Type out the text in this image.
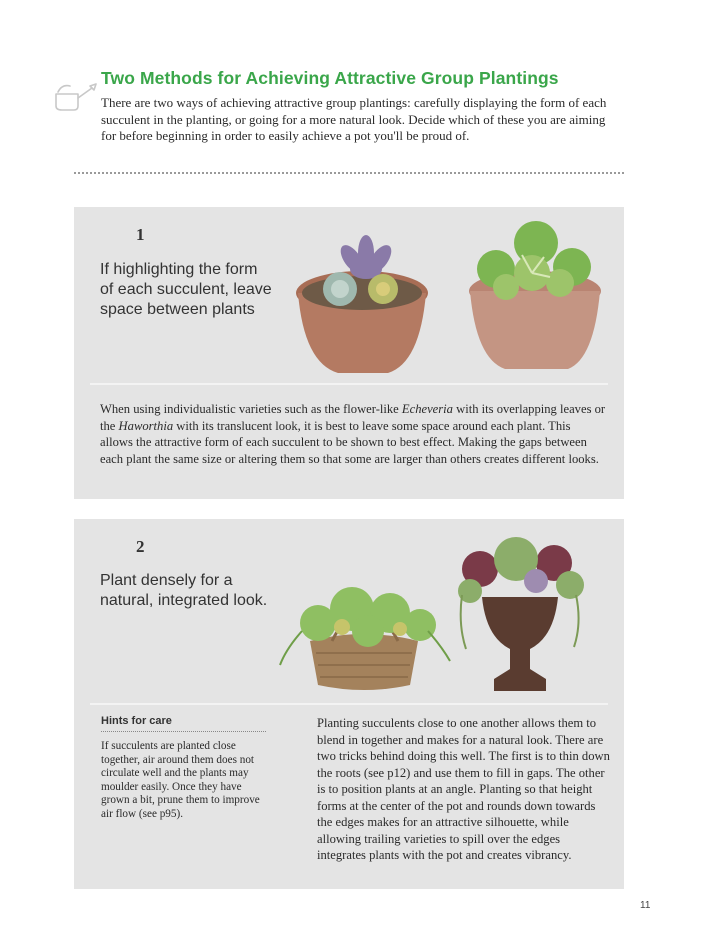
Two Methods for Achieving Attractive Group Plantings

There are two ways of achieving attractive group plantings: carefully displaying the form of each succulent in the planting, or going for a more natural look. Decide which of these you are aiming for before beginning in order to easily achieve a pot you'll be proud of.

1

If highlighting the form of each succulent, leave space between plants

When using individualistic varieties such as the flower-like Echeveria with its overlapping leaves or the Haworthia with its translucent look, it is best to leave some space around each plant. This allows the attractive form of each succulent to be shown to best effect. Making the gaps between each plant the same size or altering them so that some are larger than others creates different looks.

2

Plant densely for a natural, integrated look.

Hints for care

If succulents are planted close together, air around them does not circulate well and the plants may moulder easily. Once they have grown a bit, prune them to improve air flow (see p95).

Planting succulents close to one another allows them to blend in together and makes for a natural look. There are two tricks behind doing this well. The first is to thin down the roots (see p12) and use them to fill in gaps. The other is to position plants at an angle. Planting so that height forms at the center of the pot and rounds down towards the edges makes for an attractive silhouette, while allowing trailing varieties to spill over the edges integrates plants with the pot and creates vibrancy.

11
